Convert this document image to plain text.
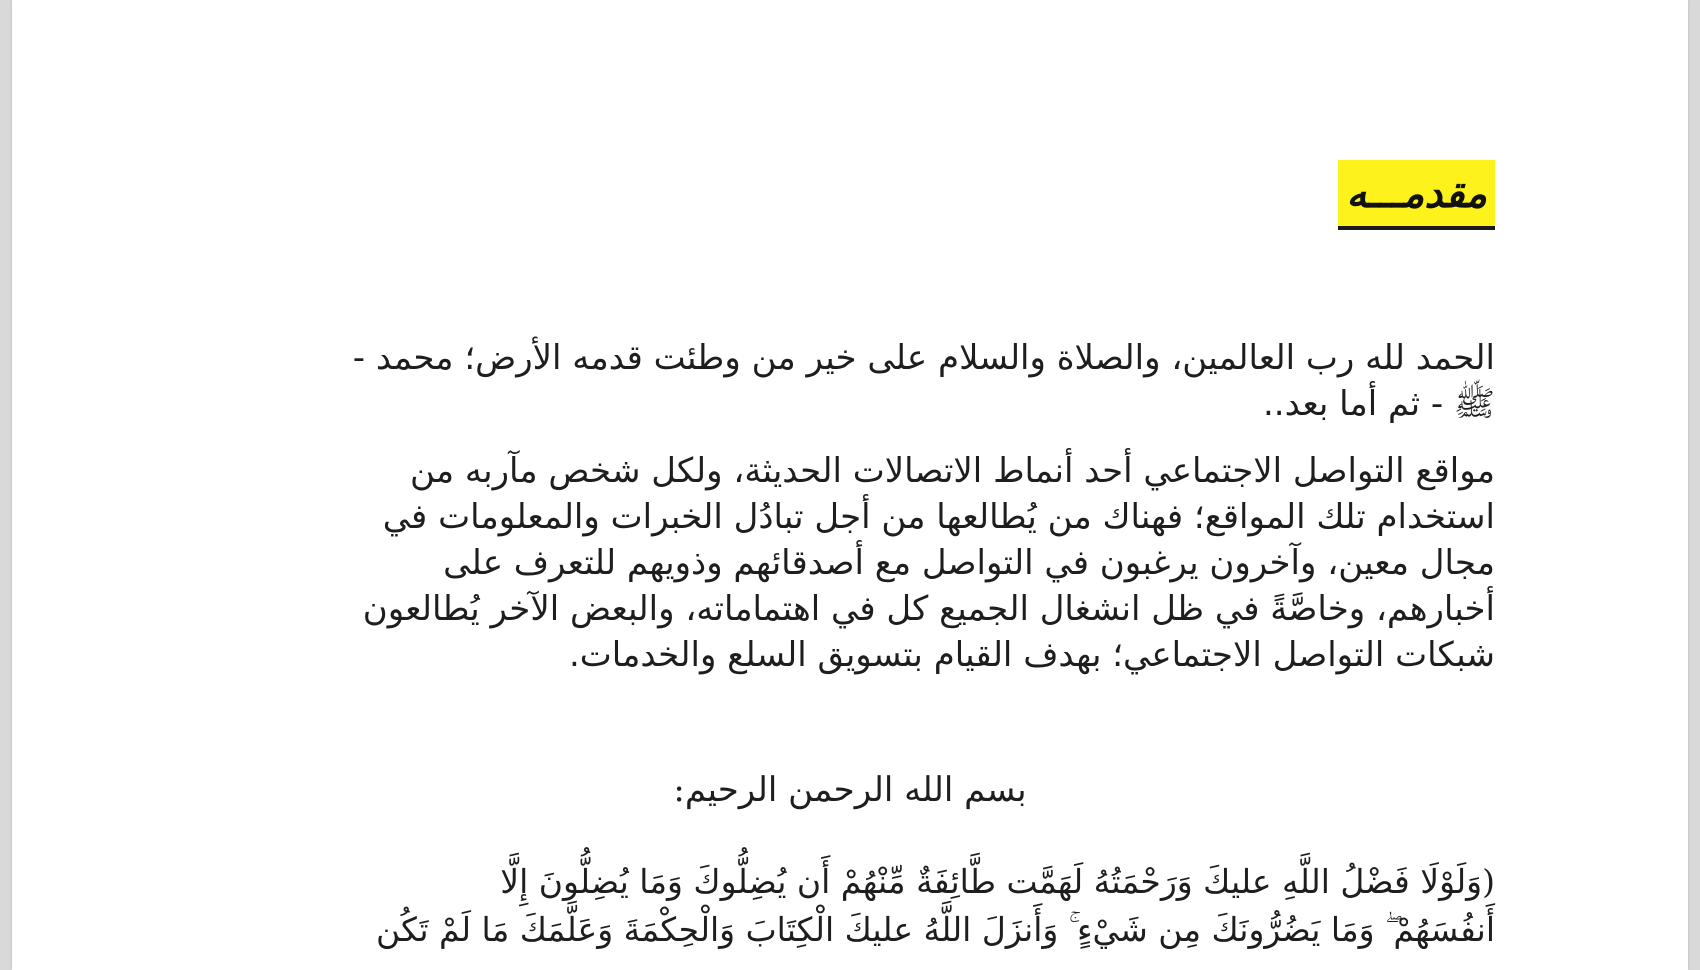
مقدمـــه
الحمد لله رب العالمين، والصلاة والسلام على خير من وطئت قدمه الأرض؛ محمد -
ﷺ - ثم أما بعد..
مواقع التواصل الاجتماعي أحد أنماط الاتصالات الحديثة، ولكل شخص مآربه من
استخدام تلك المواقع؛ فهناك من يُطالعها من أجل تبادُل الخبرات والمعلومات في
مجال معين، وآخرون يرغبون في التواصل مع أصدقائهم وذويهم للتعرف على
أخبارهم، وخاصَّةً في ظل انشغال الجميع كل في اهتماماته، والبعض الآخر يُطالعون
شبكات التواصل الاجتماعي؛ بهدف القيام بتسويق السلع والخدمات.
بسم الله الرحمن الرحيم:
(وَلَوْلَا فَضْلُ اللَّهِ عليكَ وَرَحْمَتُهُ لَهَمَّت طَّائِفَةٌ مِّنْهُمْ أَن يُضِلُّوكَ وَمَا يُضِلُّونَ إِلَّا
أَنفُسَهُمْ ۖ وَمَا يَضُرُّونَكَ مِن شَيْءٍ ۚ وَأَنزَلَ اللَّهُ عليكَ الْكِتَابَ وَالْحِكْمَةَ وَعَلَّمَكَ مَا لَمْ تَكُن
